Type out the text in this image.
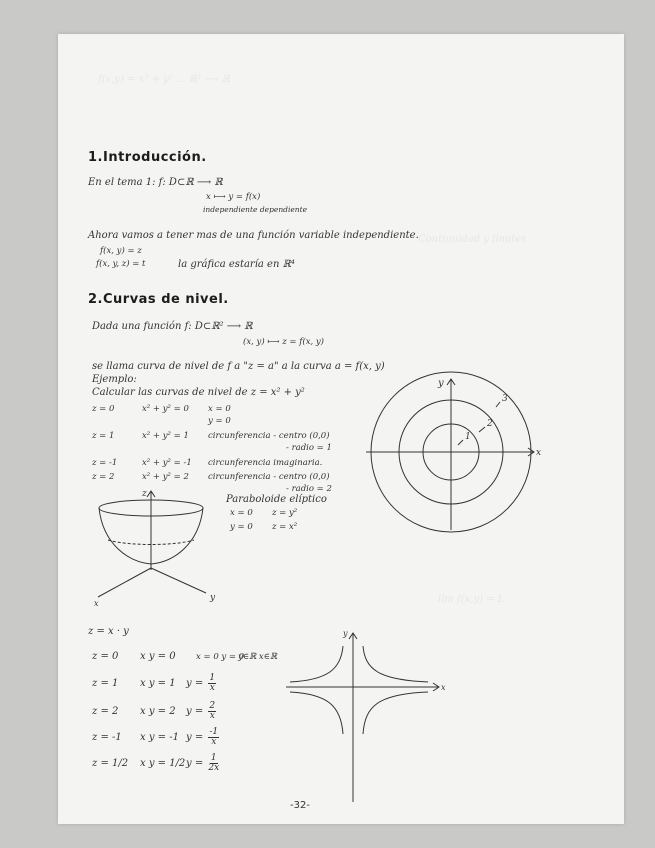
f(x,y) = x² + y² ... ℝ² ⟶ ℝ
Continuidad y límites
lím f(x,y) = L
1.Introducción.
En el tema 1: f: D⊂ℝ ⟶ ℝ
x ⟼ y = f(x)
independiente dependiente
Ahora vamos a tener mas de una función variable independiente.
f(x, y) = z
f(x, y, z) = t	la gráfica estaría en ℝ⁴
2.Curvas de nivel.
Dada una función f: D⊂ℝ² ⟶ ℝ
(x, y) ⟼ z = f(x, y)
se llama curva de nivel de f a "z = a" a la curva a = f(x, y)
Ejemplo:
Calcular las curvas de nivel de z = x² + y²
z = 0	x² + y² = 0 x = 0
y = 0
z = 1	x² + y² = 1 circunferencia - centro (0,0)
- radio = 1
z = -1	x² + y² = -1 circunferencia imaginaria.
z = 2	x² + y² = 2 circunferencia - centro (0,0)
- radio = 2
Paraboloide elíptico
x = 0 z = y²
y = 0 z = x²
x
y
1
2
3
z
x
y
z = x · y
z = 0 x y = 0 x = 0 y = 0
y∈ℝ x∈ℝ
z = 1 x y = 1 $y = \frac{1}{x}$
z = 2 x y = 2 $y = \frac{2}{x}$
z = -1 x y = -1 $y = \frac{-1}{x}$
z = 1/2 x y = 1/2 $y = \frac{1}{2x}$
x
y
-32-
